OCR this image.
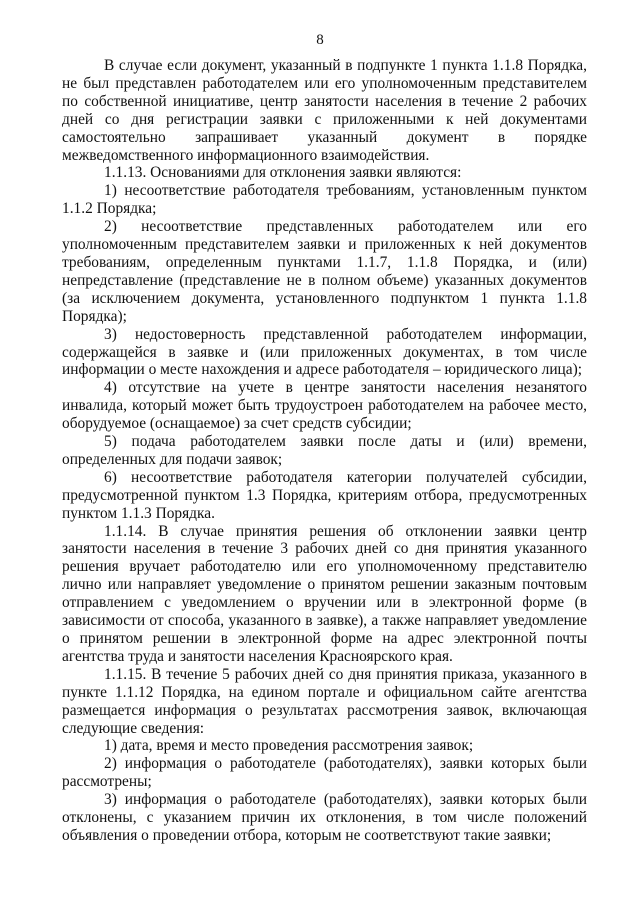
8

В случае если документ, указанный в подпункте 1 пункта 1.1.8 Порядка, не был представлен работодателем или его уполномоченным представителем по собственной инициативе, центр занятости населения в течение 2 рабочих дней со дня регистрации заявки с приложенными к ней документами самостоятельно запрашивает указанный документ в порядке межведомственного информационного взаимодействия.

1.1.13. Основаниями для отклонения заявки являются:

1) несоответствие работодателя требованиям, установленным пунктом 1.1.2 Порядка;

2) несоответствие представленных работодателем или его уполномоченным представителем заявки и приложенных к ней документов требованиям, определенным пунктами 1.1.7, 1.1.8 Порядка, и (или) непредставление (представление не в полном объеме) указанных документов (за исключением документа, установленного подпунктом 1 пункта 1.1.8 Порядка);

3) недостоверность представленной работодателем информации, содержащейся в заявке и (или приложенных документах, в том числе информации о месте нахождения и адресе работодателя – юридического лица);

4) отсутствие на учете в центре занятости населения незанятого инвалида, который может быть трудоустроен работодателем на рабочее место, оборудуемое (оснащаемое) за счет средств субсидии;

5) подача работодателем заявки после даты и (или) времени, определенных для подачи заявок;

6) несоответствие работодателя категории получателей субсидии, предусмотренной пунктом 1.3 Порядка, критериям отбора, предусмотренных пунктом 1.1.3 Порядка.

1.1.14. В случае принятия решения об отклонении заявки центр занятости населения в течение 3 рабочих дней со дня принятия указанного решения вручает работодателю или его уполномоченному представителю лично или направляет уведомление о принятом решении заказным почтовым отправлением с уведомлением о вручении или в электронной форме (в зависимости от способа, указанного в заявке), а также направляет уведомление о принятом решении в электронной форме на адрес электронной почты агентства труда и занятости населения Красноярского края.

1.1.15. В течение 5 рабочих дней со дня принятия приказа, указанного в пункте 1.1.12 Порядка, на едином портале и официальном сайте агентства размещается информация о результатах рассмотрения заявок, включающая следующие сведения:

1) дата, время и место проведения рассмотрения заявок;

2) информация о работодателе (работодателях), заявки которых были рассмотрены;

3) информация о работодателе (работодателях), заявки которых были отклонены, с указанием причин их отклонения, в том числе положений объявления о проведении отбора, которым не соответствуют такие заявки;
